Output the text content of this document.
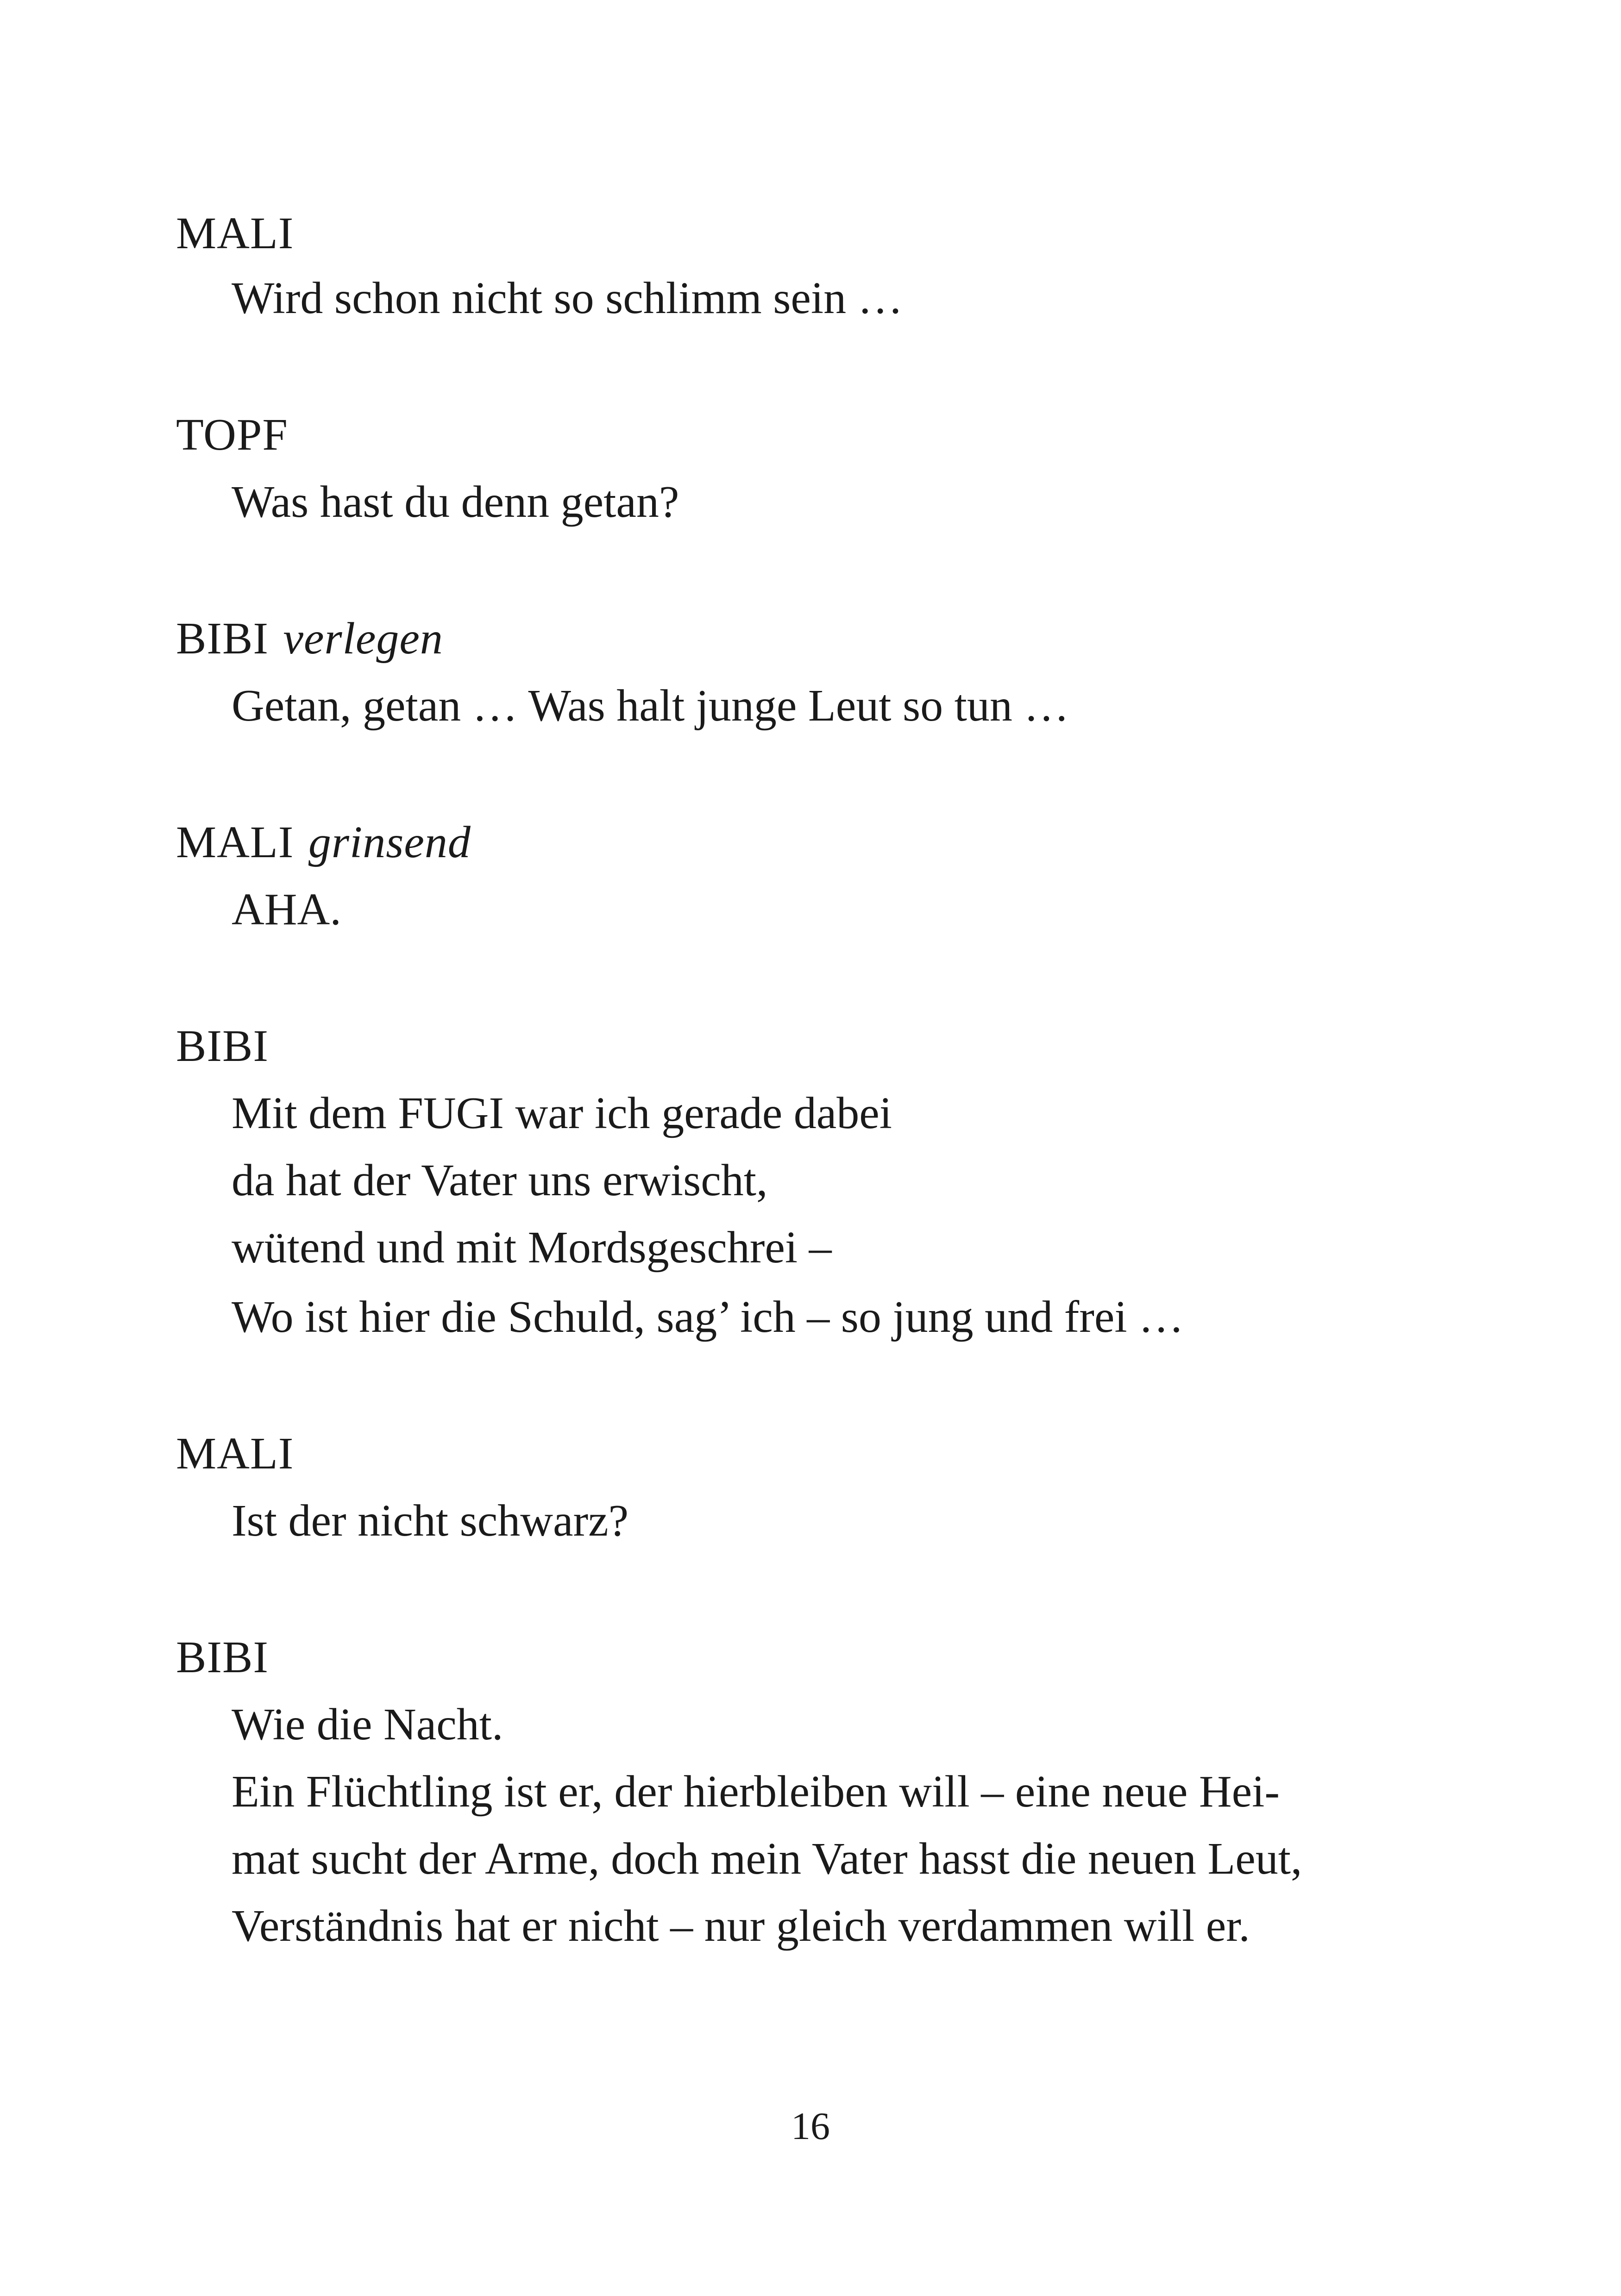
MALI
Wird schon nicht so schlimm sein …
TOPF
Was hast du denn getan?
BIBI verlegen
Getan, getan … Was halt junge Leut so tun …
MALI grinsend
AHA.
BIBI
Mit dem FUGI war ich gerade dabei
da hat der Vater uns erwischt,
wütend und mit Mordsgeschrei –
Wo ist hier die Schuld, sag’ ich – so jung und frei …
MALI
Ist der nicht schwarz?
BIBI
Wie die Nacht.
Ein Flüchtling ist er, der hierbleiben will – eine neue Hei-
mat sucht der Arme, doch mein Vater hasst die neuen Leut,
Verständnis hat er nicht – nur gleich verdammen will er.
16
